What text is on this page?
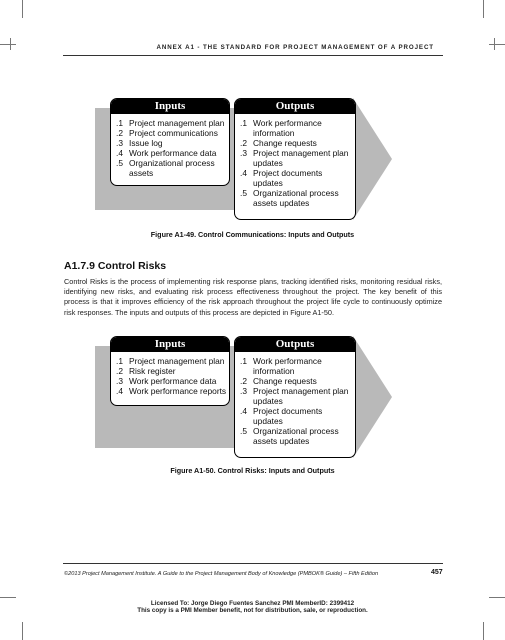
ANNEX A1 - THE STANDARD FOR PROJECT MANAGEMENT OF A PROJECT
Inputs
.1 Project management plan
.2 Project communications
.3 Issue log
.4 Work performance data
.5 Organizational process
assets
Outputs
.1 Work performance
information
.2 Change requests
.3 Project management plan
updates
.4 Project documents
updates
.5 Organizational process
assets updates
Figure A1-49. Control Communications: Inputs and Outputs
A1.7.9 Control Risks
Control Risks is the process of implementing risk response plans, tracking identified risks, monitoring residual risks, identifying new risks, and evaluating risk process effectiveness throughout the project. The key benefit of this process is that it improves efficiency of the risk approach throughout the project life cycle to continuously optimize risk responses. The inputs and outputs of this process are depicted in Figure A1-50.
Inputs
.1 Project management plan
.2 Risk register
.3 Work performance data
.4 Work performance reports
Outputs
.1 Work performance
information
.2 Change requests
.3 Project management plan
updates
.4 Project documents
updates
.5 Organizational process
assets updates
Figure A1-50. Control Risks: Inputs and Outputs
©2013 Project Management Institute. A Guide to the Project Management Body of Knowledge (PMBOK® Guide) – Fifth Edition	457
Licensed To: Jorge Diego Fuentes Sanchez PMI MemberID: 2399412
This copy is a PMI Member benefit, not for distribution, sale, or reproduction.
